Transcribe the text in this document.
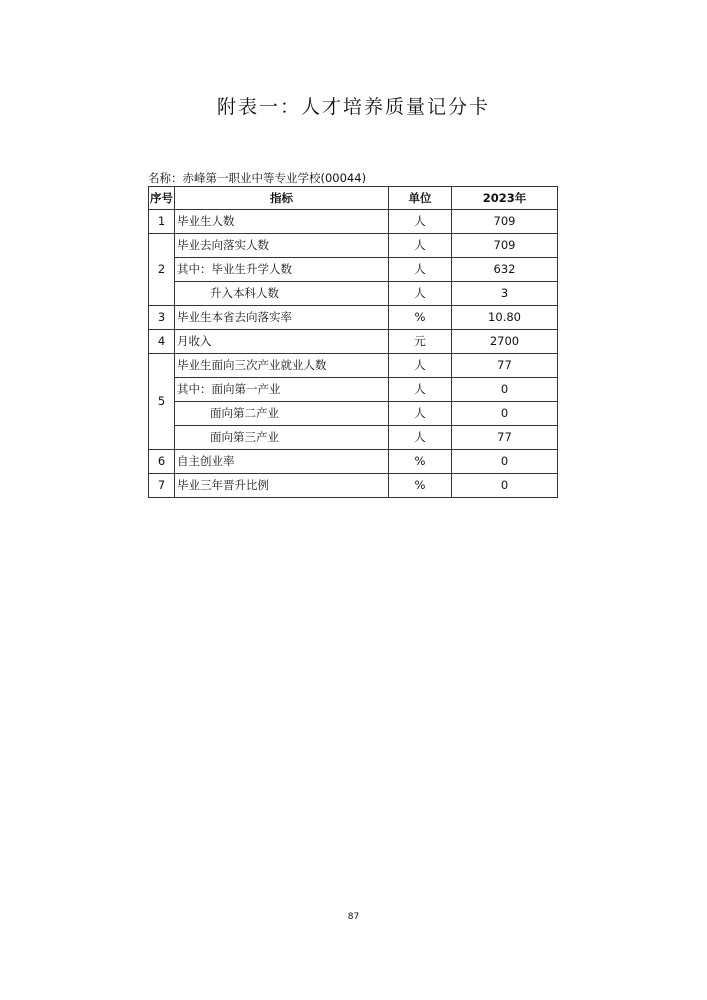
附表一：人才培养质量记分卡
名称：赤峰第一职业中等专业学校(00044)
序号	指标	单位	2023年
1	毕业生人数	人	709
2	毕业去向落实人数	人	709
	其中：毕业生升学人数	人	632
	升入本科人数	人	3
3	毕业生本省去向落实率	%	10.80
4	月收入	元	2700
5	毕业生面向三次产业就业人数	人	77
	其中：面向第一产业	人	0
	面向第二产业	人	0
	面向第三产业	人	77
6	自主创业率	%	0
7	毕业三年晋升比例	%	0
87
